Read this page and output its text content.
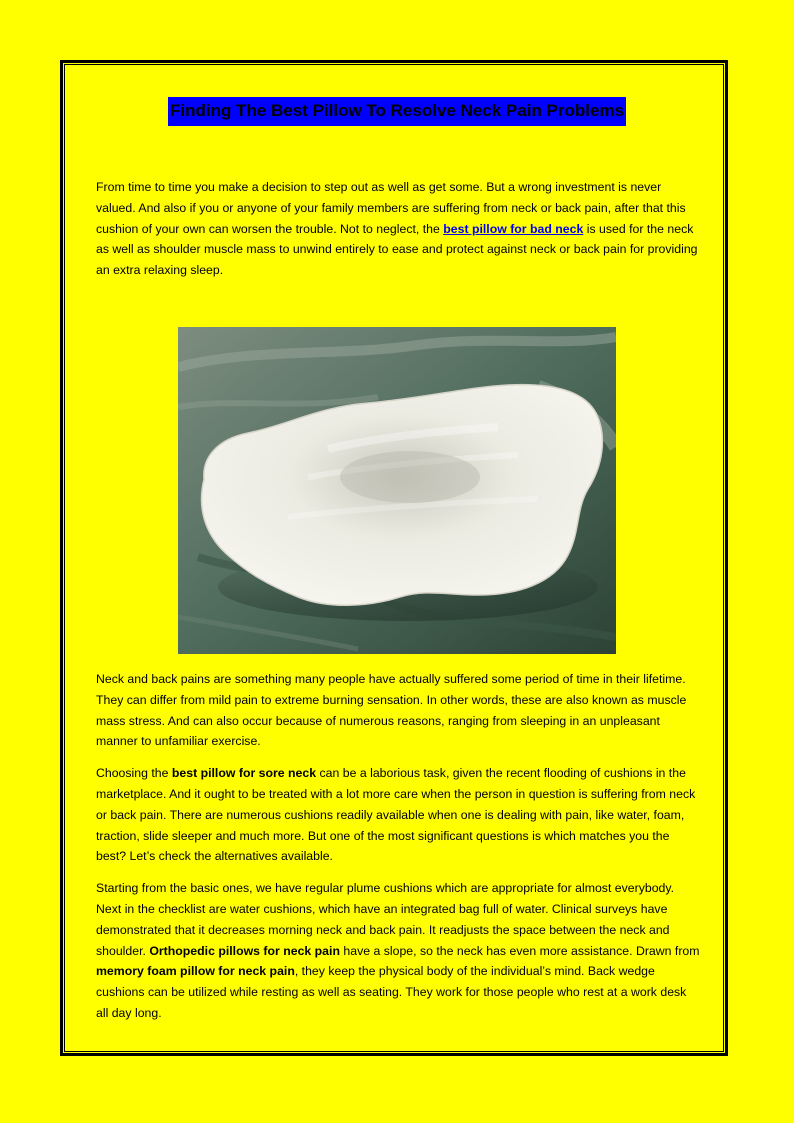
Finding The Best Pillow To Resolve Neck Pain Problems

From time to time you make a decision to step out as well as get some. But a wrong investment is never valued. And also if you or anyone of your family members are suffering from neck or back pain, after that this cushion of your own can worsen the trouble. Not to neglect, the best pillow for bad neck is used for the neck as well as shoulder muscle mass to unwind entirely to ease and protect against neck or back pain for providing an extra relaxing sleep.

Neck and back pains are something many people have actually suffered some period of time in their lifetime. They can differ from mild pain to extreme burning sensation. In other words, these are also known as muscle mass stress. And can also occur because of numerous reasons, ranging from sleeping in an unpleasant manner to unfamiliar exercise.

Choosing the best pillow for sore neck can be a laborious task, given the recent flooding of cushions in the marketplace. And it ought to be treated with a lot more care when the person in question is suffering from neck or back pain. There are numerous cushions readily available when one is dealing with pain, like water, foam, traction, slide sleeper and much more. But one of the most significant questions is which matches you the best? Let’s check the alternatives available.

Starting from the basic ones, we have regular plume cushions which are appropriate for almost everybody. Next in the checklist are water cushions, which have an integrated bag full of water. Clinical surveys have demonstrated that it decreases morning neck and back pain. It readjusts the space between the neck and shoulder. Orthopedic pillows for neck pain have a slope, so the neck has even more assistance. Drawn from memory foam pillow for neck pain, they keep the physical body of the individual’s mind. Back wedge cushions can be utilized while resting as well as seating. They work for those people who rest at a work desk all day long.
